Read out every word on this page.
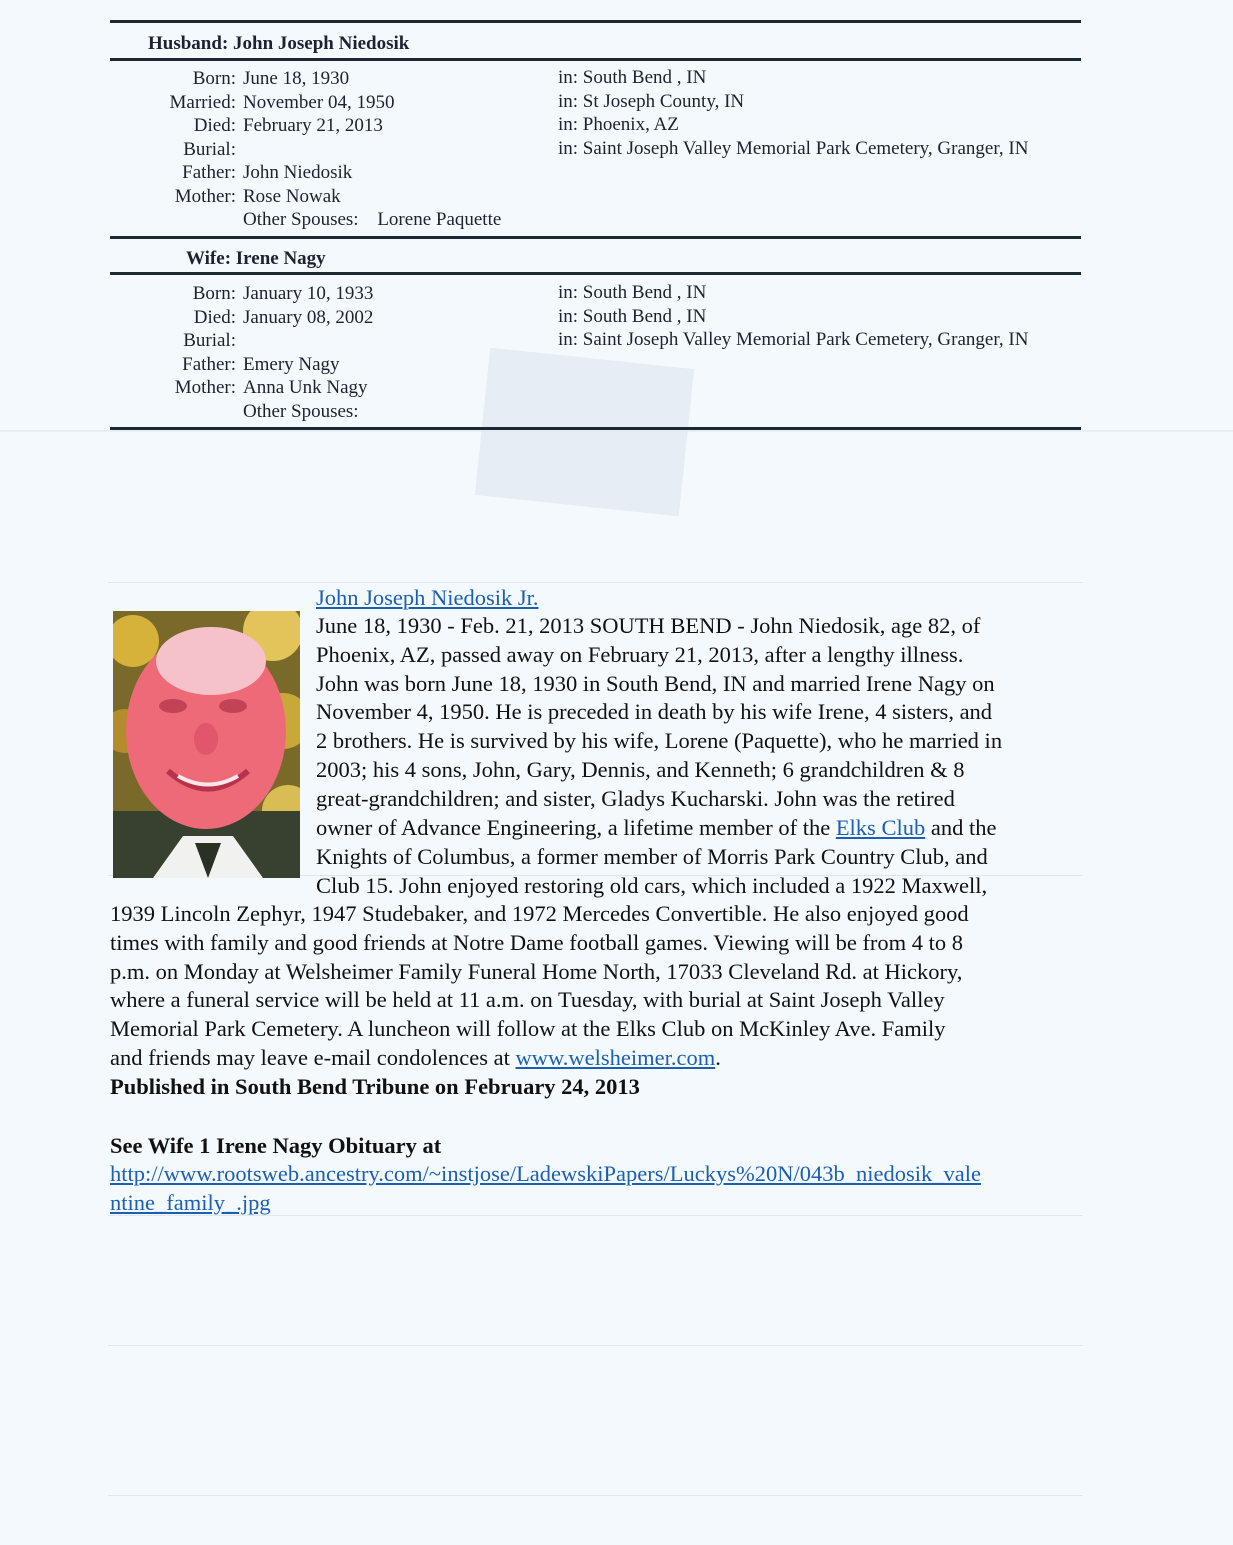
Husband: John Joseph Niedosik
Born: June 18, 1930	in: South Bend , IN
Married: November 04, 1950	in: St Joseph County, IN
Died: February 21, 2013	in: Phoenix, AZ
Burial:	in: Saint Joseph Valley Memorial Park Cemetery, Granger, IN
Father: John Niedosik
Mother: Rose Nowak
Other Spouses: Lorene Paquette
Wife: Irene Nagy
Born: January 10, 1933	in: South Bend , IN
Died: January 08, 2002	in: South Bend , IN
Burial:	in: Saint Joseph Valley Memorial Park Cemetery, Granger, IN
Father: Emery Nagy
Mother: Anna Unk Nagy
Other Spouses:
John Joseph Niedosik Jr.
June 18, 1930 - Feb. 21, 2013 SOUTH BEND - John Niedosik, age 82, of
Phoenix, AZ, passed away on February 21, 2013, after a lengthy illness.
John was born June 18, 1930 in South Bend, IN and married Irene Nagy on
November 4, 1950. He is preceded in death by his wife Irene, 4 sisters, and
2 brothers. He is survived by his wife, Lorene (Paquette), who he married in
2003; his 4 sons, John, Gary, Dennis, and Kenneth; 6 grandchildren & 8
great-grandchildren; and sister, Gladys Kucharski. John was the retired
owner of Advance Engineering, a lifetime member of the Elks Club and the
Knights of Columbus, a former member of Morris Park Country Club, and
Club 15. John enjoyed restoring old cars, which included a 1922 Maxwell,
1939 Lincoln Zephyr, 1947 Studebaker, and 1972 Mercedes Convertible. He also enjoyed good
times with family and good friends at Notre Dame football games. Viewing will be from 4 to 8
p.m. on Monday at Welsheimer Family Funeral Home North, 17033 Cleveland Rd. at Hickory,
where a funeral service will be held at 11 a.m. on Tuesday, with burial at Saint Joseph Valley
Memorial Park Cemetery. A luncheon will follow at the Elks Club on McKinley Ave. Family
and friends may leave e-mail condolences at www.welsheimer.com.
Published in South Bend Tribune on February 24, 2013
See Wife 1 Irene Nagy Obituary at
http://www.rootsweb.ancestry.com/~instjose/LadewskiPapers/Luckys%20N/043b_niedosik_vale
ntine_family_.jpg
